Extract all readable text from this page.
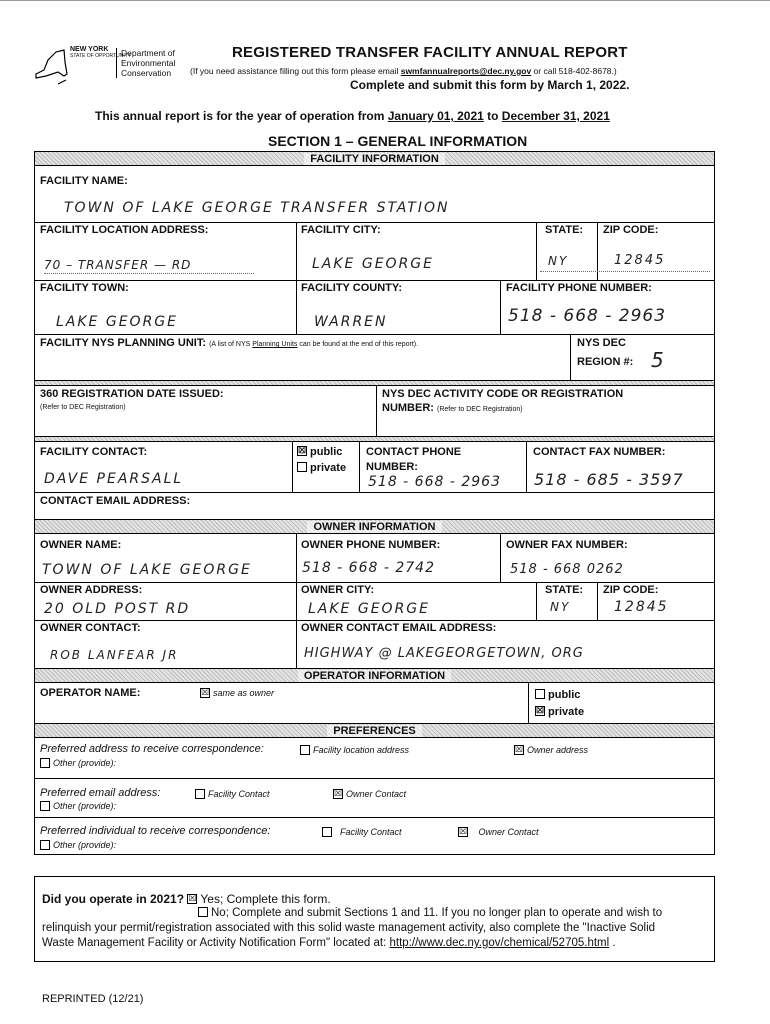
NEW YORK
STATE OF OPPORTUNITY
Department of
Environmental
Conservation
REGISTERED TRANSFER FACILITY ANNUAL REPORT
(If you need assistance filling out this form please email swmfannualreports@dec.ny.gov or call 518-402-8678.)
Complete and submit this form by March 1, 2022.
This annual report is for the year of operation from January 01, 2021 to December 31, 2021
SECTION 1 – GENERAL INFORMATION
FACILITY INFORMATION
FACILITY NAME:
TOWN OF LAKE GEORGE TRANSFER STATION
FACILITY LOCATION ADDRESS:	FACILITY CITY:	STATE: ZIP CODE:
70 – TRANSFER — RD	LAKE GEORGE	NY	12845
FACILITY TOWN:	FACILITY COUNTY:	FACILITY PHONE NUMBER:
LAKE GEORGE	WARREN	518 - 668 - 2963
FACILITY NYS PLANNING UNIT: (A list of NYS Planning Units can be found at the end of this report).	NYS DEC
REGION #: 5
360 REGISTRATION DATE ISSUED:
(Refer to DEC Registration)
NYS DEC ACTIVITY CODE OR REGISTRATION
NUMBER: (Refer to DEC Registration)
FACILITY CONTACT:
DAVE PEARSALL
☒ public
private
CONTACT PHONE
NUMBER:
518 - 668 - 2963
CONTACT FAX NUMBER:
518 - 685 - 3597
CONTACT EMAIL ADDRESS:
OWNER INFORMATION
OWNER NAME:	OWNER PHONE NUMBER:	OWNER FAX NUMBER:
TOWN OF LAKE GEORGE	518 - 668 - 2742	518 - 668 0262
OWNER ADDRESS:	OWNER CITY:	STATE: ZIP CODE:
20 OLD POST RD	LAKE GEORGE	NY	12845
OWNER CONTACT:	OWNER CONTACT EMAIL ADDRESS:
ROB LANFEAR JR	HIGHWAY @ LAKEGEORGETOWN, ORG
OPERATOR INFORMATION
OPERATOR NAME:	☒ same as owner	public
☒ private
PREFERENCES
Preferred address to receive correspondence:	Facility location address	☒ Owner address
Other (provide):
Preferred email address:	Facility Contact	☒ Owner Contact
Other (provide):
Preferred individual to receive correspondence:	Facility Contact	☒ Owner Contact
Other (provide):
Did you operate in 2021? ☒ Yes; Complete this form.
No; Complete and submit Sections 1 and 11. If you no longer plan to operate and wish to
relinquish your permit/registration associated with this solid waste management activity, also complete the "Inactive Solid
Waste Management Facility or Activity Notification Form" located at: http://www.dec.ny.gov/chemical/52705.html .
REPRINTED (12/21)
